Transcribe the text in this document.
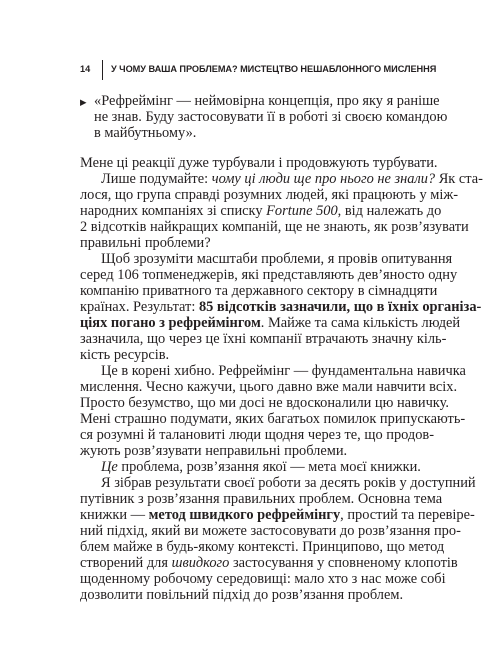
14	У ЧОМУ ВАША ПРОБЛЕМА? МИСТЕЦТВО НЕШАБЛОННОГО МИСЛЕННЯ
▶ «Рефреймінг — неймовірна концепція, про яку я раніше
не знав. Буду застосовувати її в роботі зі своєю командою
в майбутньому».
Мене ці реакції дуже турбували і продовжують турбувати.
Лише подумайте: чому ці люди ще про нього не знали? Як ста-
лося, що група справді розумних людей, які працюють у між-
народних компаніях зі списку Fortune 500, від належать до
2 відсотків найкращих компаній, ще не знають, як розв’язувати
правильні проблеми?
Щоб зрозуміти масштаби проблеми, я провів опитування
серед 106 топменеджерів, які представляють дев’яносто одну
компанію приватного та державного сектору в сімнадцяти
країнах. Результат: 85 відсотків зазначили, що в їхніх організа-
ціях погано з рефреймінгом. Майже та сама кількість людей
зазначила, що через це їхні компанії втрачають значну кіль-
кість ресурсів.
Це в корені хибно. Рефреймінг — фундаментальна навичка
мислення. Чесно кажучи, цього давно вже мали навчити всіх.
Просто безумство, що ми досі не вдосконалили цю навичку.
Мені страшно подумати, яких багатьох помилок припускають-
ся розумні й талановиті люди щодня через те, що продов-
жують розв’язувати неправильні проблеми.
Це проблема, розв’язання якої — мета моєї книжки.
Я зібрав результати своєї роботи за десять років у доступний
путівник з розв’язання правильних проблем. Основна тема
книжки — метод швидкого рефреймінгу, простий та перевіре-
ний підхід, який ви можете застосовувати до розв’язання про-
блем майже в будь-якому контексті. Принципово, що метод
створений для швидкого застосування у сповненому клопотів
щоденному робочому середовищі: мало хто з нас може собі
дозволити повільний підхід до розв’язання проблем.
